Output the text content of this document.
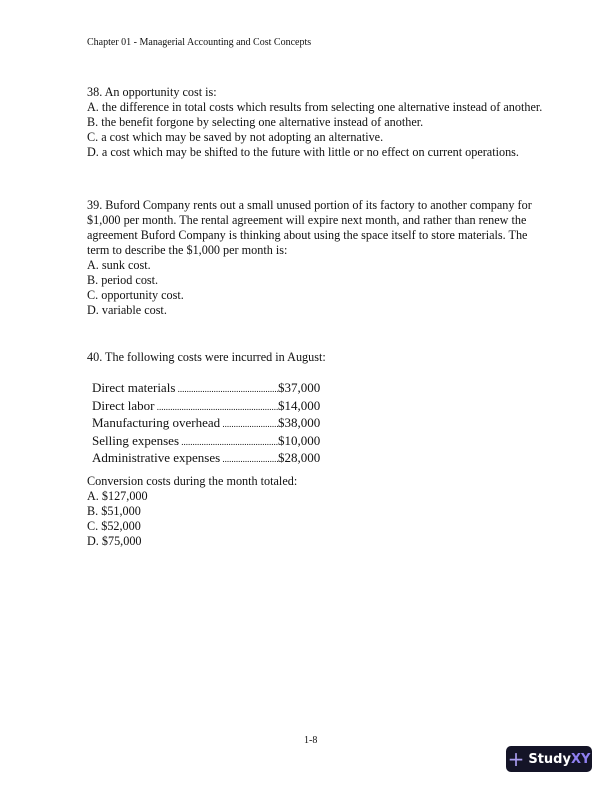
Chapter 01 - Managerial Accounting and Cost Concepts
38. An opportunity cost is:
A. the difference in total costs which results from selecting one alternative instead of another.
B. the benefit forgone by selecting one alternative instead of another.
C. a cost which may be saved by not adopting an alternative.
D. a cost which may be shifted to the future with little or no effect on current operations.
39. Buford Company rents out a small unused portion of its factory to another company for
$1,000 per month. The rental agreement will expire next month, and rather than renew the
agreement Buford Company is thinking about using the space itself to store materials. The
term to describe the $1,000 per month is:
A. sunk cost.
B. period cost.
C. opportunity cost.
D. variable cost.
40. The following costs were incurred in August:
Direct materials .....	$37,000
Direct labor .....	$14,000
Manufacturing overhead .....	$38,000
Selling expenses .....	$10,000
Administrative expenses .....	$28,000
Conversion costs during the month totaled:
A. $127,000
B. $51,000
C. $52,000
D. $75,000
1-8
+ Study XY
